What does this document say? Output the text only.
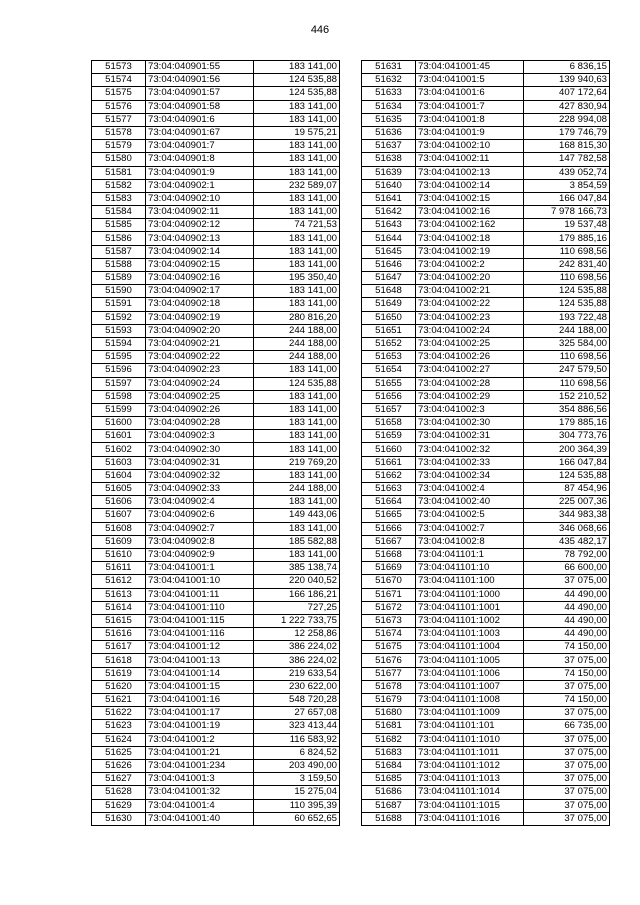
446
51573	73:04:040901:55	183 141,00
51574	73:04:040901:56	124 535,88
51575	73:04:040901:57	124 535,88
51576	73:04:040901:58	183 141,00
51577	73:04:040901:6	183 141,00
51578	73:04:040901:67	19 575,21
51579	73:04:040901:7	183 141,00
51580	73:04:040901:8	183 141,00
51581	73:04:040901:9	183 141,00
51582	73:04:040902:1	232 589,07
51583	73:04:040902:10	183 141,00
51584	73:04:040902:11	183 141,00
51585	73:04:040902:12	74 721,53
51586	73:04:040902:13	183 141,00
51587	73:04:040902:14	183 141,00
51588	73:04:040902:15	183 141,00
51589	73:04:040902:16	195 350,40
51590	73:04:040902:17	183 141,00
51591	73:04:040902:18	183 141,00
51592	73:04:040902:19	280 816,20
51593	73:04:040902:20	244 188,00
51594	73:04:040902:21	244 188,00
51595	73:04:040902:22	244 188,00
51596	73:04:040902:23	183 141,00
51597	73:04:040902:24	124 535,88
51598	73:04:040902:25	183 141,00
51599	73:04:040902:26	183 141,00
51600	73:04:040902:28	183 141,00
51601	73:04:040902:3	183 141,00
51602	73:04:040902:30	183 141,00
51603	73:04:040902:31	219 769,20
51604	73:04:040902:32	183 141,00
51605	73:04:040902:33	244 188,00
51606	73:04:040902:4	183 141,00
51607	73:04:040902:6	149 443,06
51608	73:04:040902:7	183 141,00
51609	73:04:040902:8	185 582,88
51610	73:04:040902:9	183 141,00
51611	73:04:041001:1	385 138,74
51612	73:04:041001:10	220 040,52
51613	73:04:041001:11	166 186,21
51614	73:04:041001:110	727,25
51615	73:04:041001:115	1 222 733,75
51616	73:04:041001:116	12 258,86
51617	73:04:041001:12	386 224,02
51618	73:04:041001:13	386 224,02
51619	73:04:041001:14	219 633,54
51620	73:04:041001:15	230 622,00
51621	73:04:041001:16	548 720,28
51622	73:04:041001:17	27 657,08
51623	73:04:041001:19	323 413,44
51624	73:04:041001:2	116 583,92
51625	73:04:041001:21	6 824,52
51626	73:04:041001:234	203 490,00
51627	73:04:041001:3	3 159,50
51628	73:04:041001:32	15 275,04
51629	73:04:041001:4	110 395,39
51630	73:04:041001:40	60 652,65
51631	73:04:041001:45	6 836,15
51632	73:04:041001:5	139 940,63
51633	73:04:041001:6	407 172,64
51634	73:04:041001:7	427 830,94
51635	73:04:041001:8	228 994,08
51636	73:04:041001:9	179 746,79
51637	73:04:041002:10	168 815,30
51638	73:04:041002:11	147 782,58
51639	73:04:041002:13	439 052,74
51640	73:04:041002:14	3 854,59
51641	73:04:041002:15	166 047,84
51642	73:04:041002:16	7 978 166,73
51643	73:04:041002:162	19 537,48
51644	73:04:041002:18	179 885,16
51645	73:04:041002:19	110 698,56
51646	73:04:041002:2	242 831,40
51647	73:04:041002:20	110 698,56
51648	73:04:041002:21	124 535,88
51649	73:04:041002:22	124 535,88
51650	73:04:041002:23	193 722,48
51651	73:04:041002:24	244 188,00
51652	73:04:041002:25	325 584,00
51653	73:04:041002:26	110 698,56
51654	73:04:041002:27	247 579,50
51655	73:04:041002:28	110 698,56
51656	73:04:041002:29	152 210,52
51657	73:04:041002:3	354 886,56
51658	73:04:041002:30	179 885,16
51659	73:04:041002:31	304 773,76
51660	73:04:041002:32	200 364,39
51661	73:04:041002:33	166 047,84
51662	73:04:041002:34	124 535,88
51663	73:04:041002:4	87 454,96
51664	73:04:041002:40	225 007,36
51665	73:04:041002:5	344 983,38
51666	73:04:041002:7	346 068,66
51667	73:04:041002:8	435 482,17
51668	73:04:041101:1	78 792,00
51669	73:04:041101:10	66 600,00
51670	73:04:041101:100	37 075,00
51671	73:04:041101:1000	44 490,00
51672	73:04:041101:1001	44 490,00
51673	73:04:041101:1002	44 490,00
51674	73:04:041101:1003	44 490,00
51675	73:04:041101:1004	74 150,00
51676	73:04:041101:1005	37 075,00
51677	73:04:041101:1006	74 150,00
51678	73:04:041101:1007	37 075,00
51679	73:04:041101:1008	74 150,00
51680	73:04:041101:1009	37 075,00
51681	73:04:041101:101	66 735,00
51682	73:04:041101:1010	37 075,00
51683	73:04:041101:1011	37 075,00
51684	73:04:041101:1012	37 075,00
51685	73:04:041101:1013	37 075,00
51686	73:04:041101:1014	37 075,00
51687	73:04:041101:1015	37 075,00
51688	73:04:041101:1016	37 075,00
